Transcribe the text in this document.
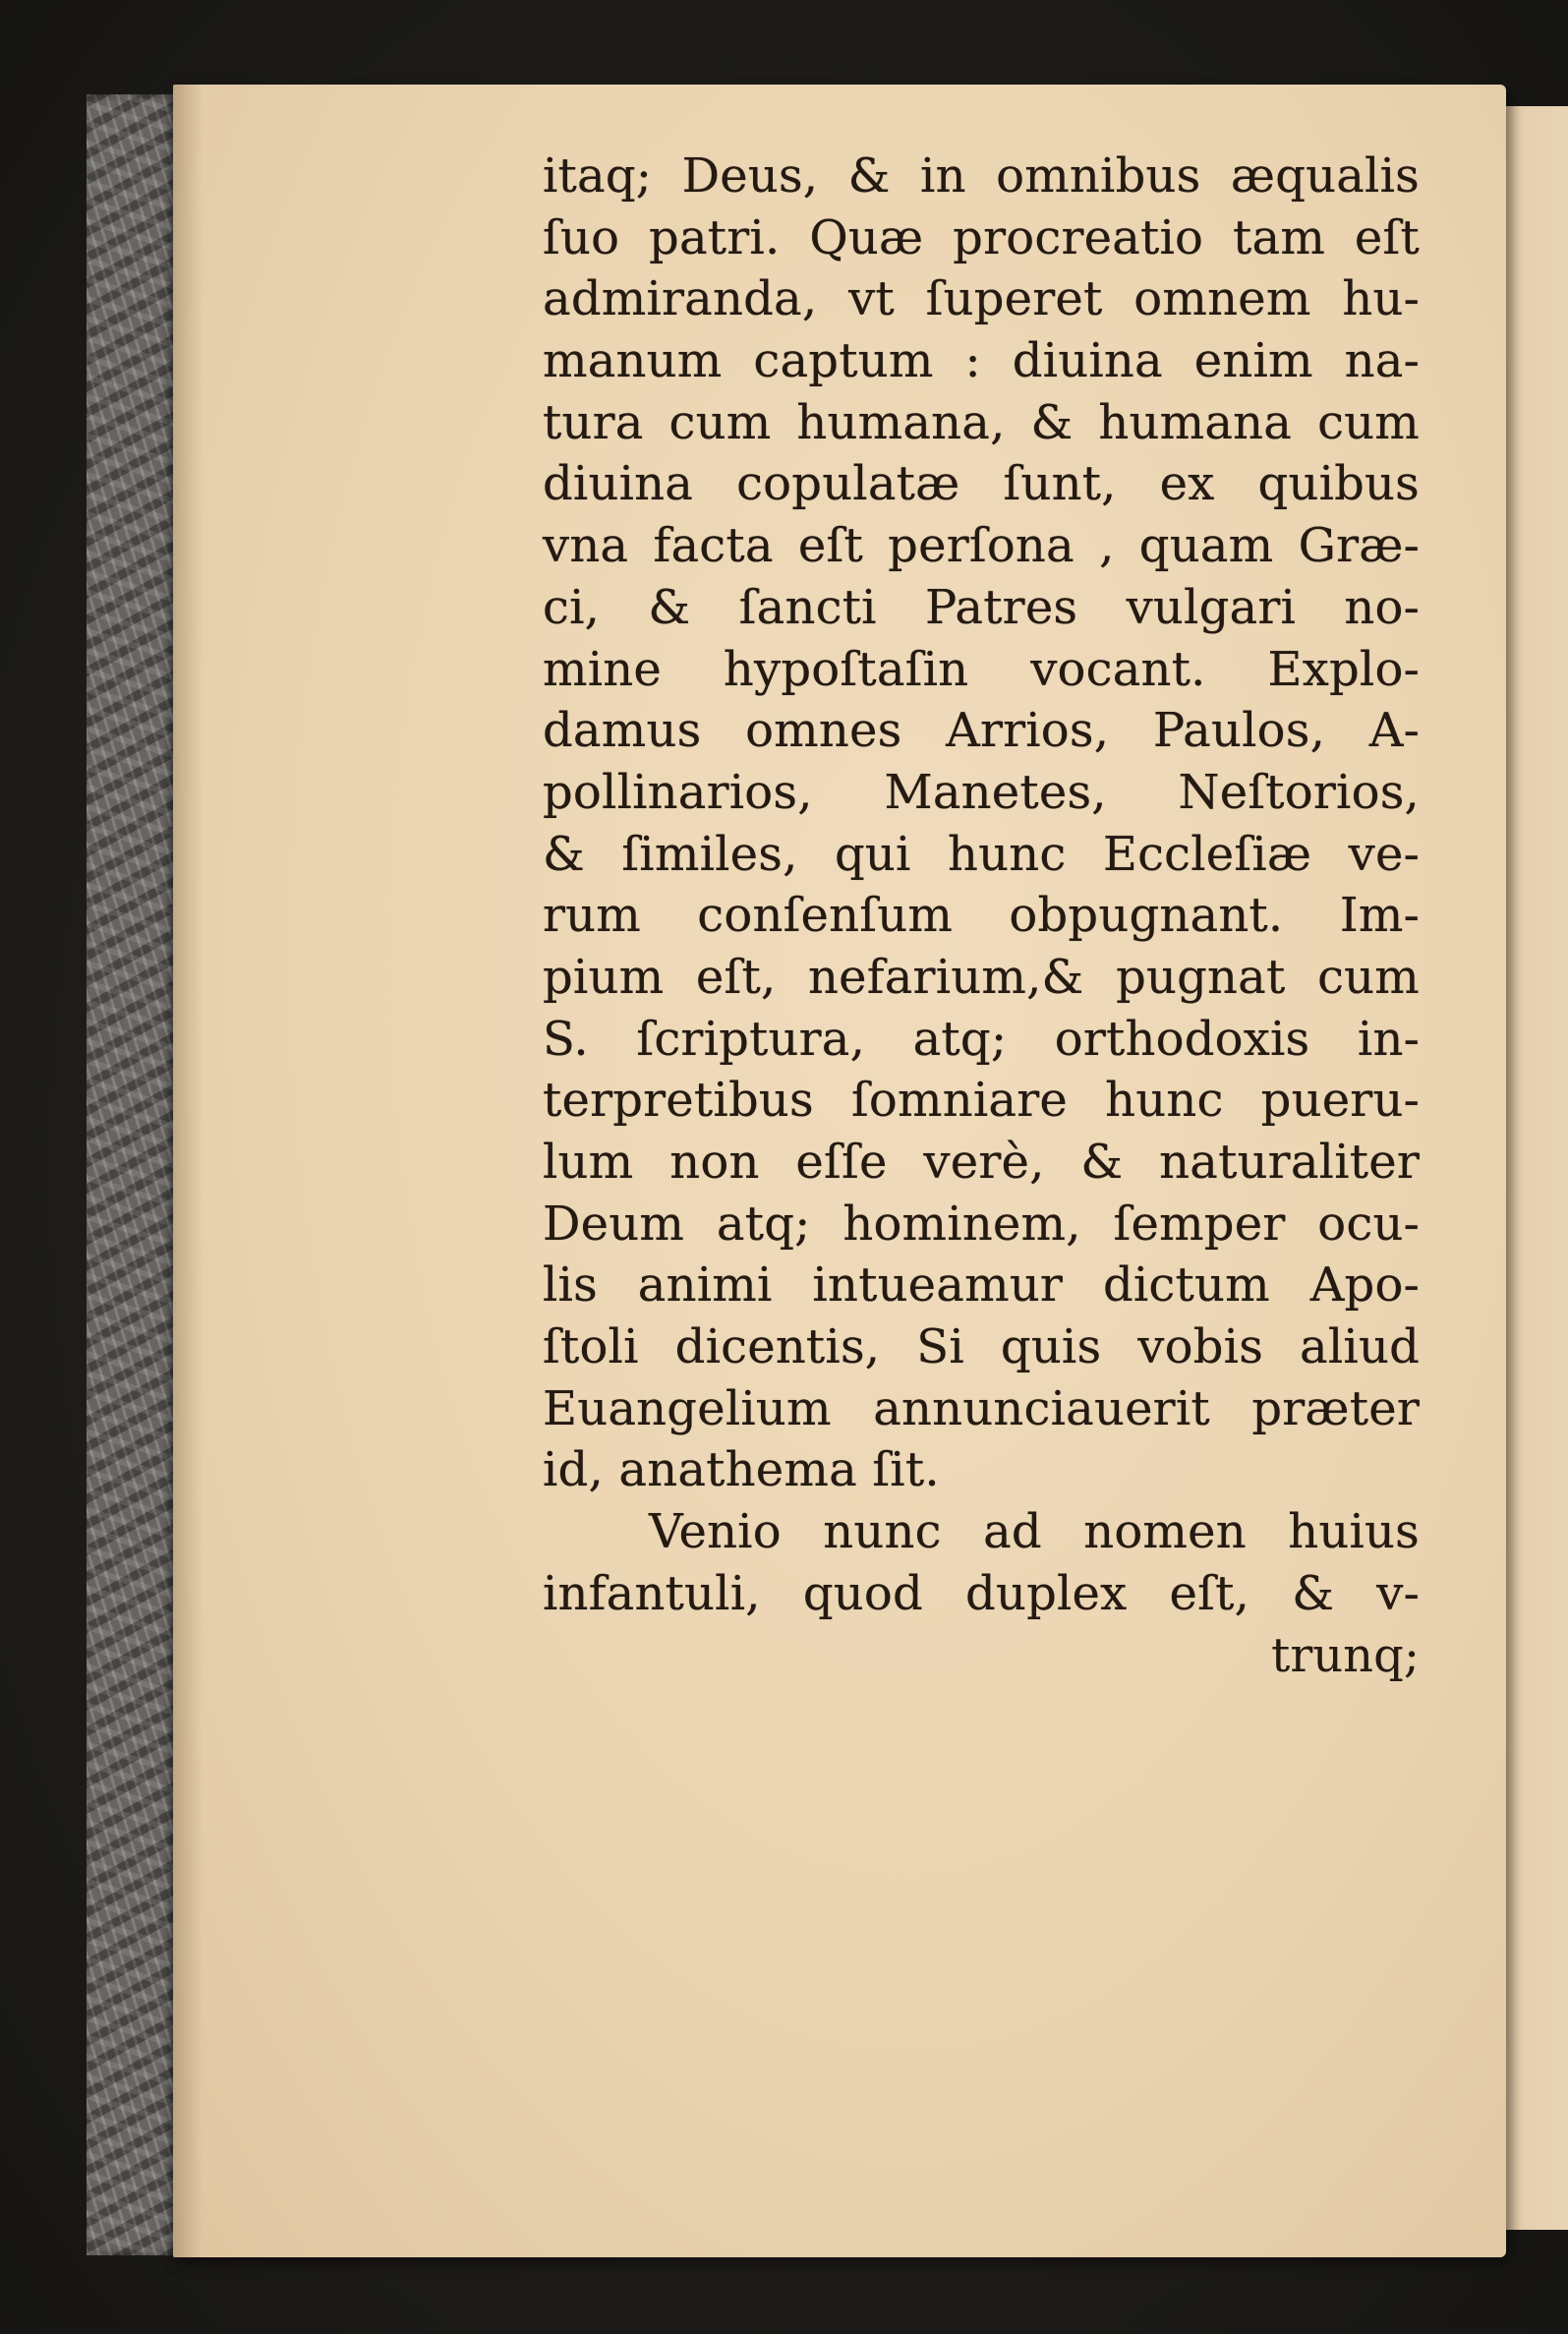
itaq; Deus, & in omnibus æqualis
ſuo patri. Quæ procreatio tam eſt
admiranda, vt ſuperet omnem hu-
manum captum : diuina enim na-
tura cum humana, & humana cum
diuina copulatæ ſunt, ex quibus
vna facta eſt perſona , quam Græ-
ci, & ſancti Patres vulgari no-
mine hypoſtaſin vocant. Explo-
damus omnes Arrios, Paulos, A-
pollinarios, Manetes, Neſtorios,
& ſimiles, qui hunc Eccleſiæ ve-
rum conſenſum obpugnant. Im-
pium eſt, nefarium,& pugnat cum
S. ſcriptura, atq; orthodoxis in-
terpretibus ſomniare hunc pueru-
lum non eſſe verè, & naturaliter
Deum atq; hominem, ſemper ocu-
lis animi intueamur dictum Apo-
ſtoli dicentis, Si quis vobis aliud
Euangelium annunciauerit præter
id, anathema ſit.
Venio nunc ad nomen huius
infantuli, quod duplex eſt, & v-
trunq;
